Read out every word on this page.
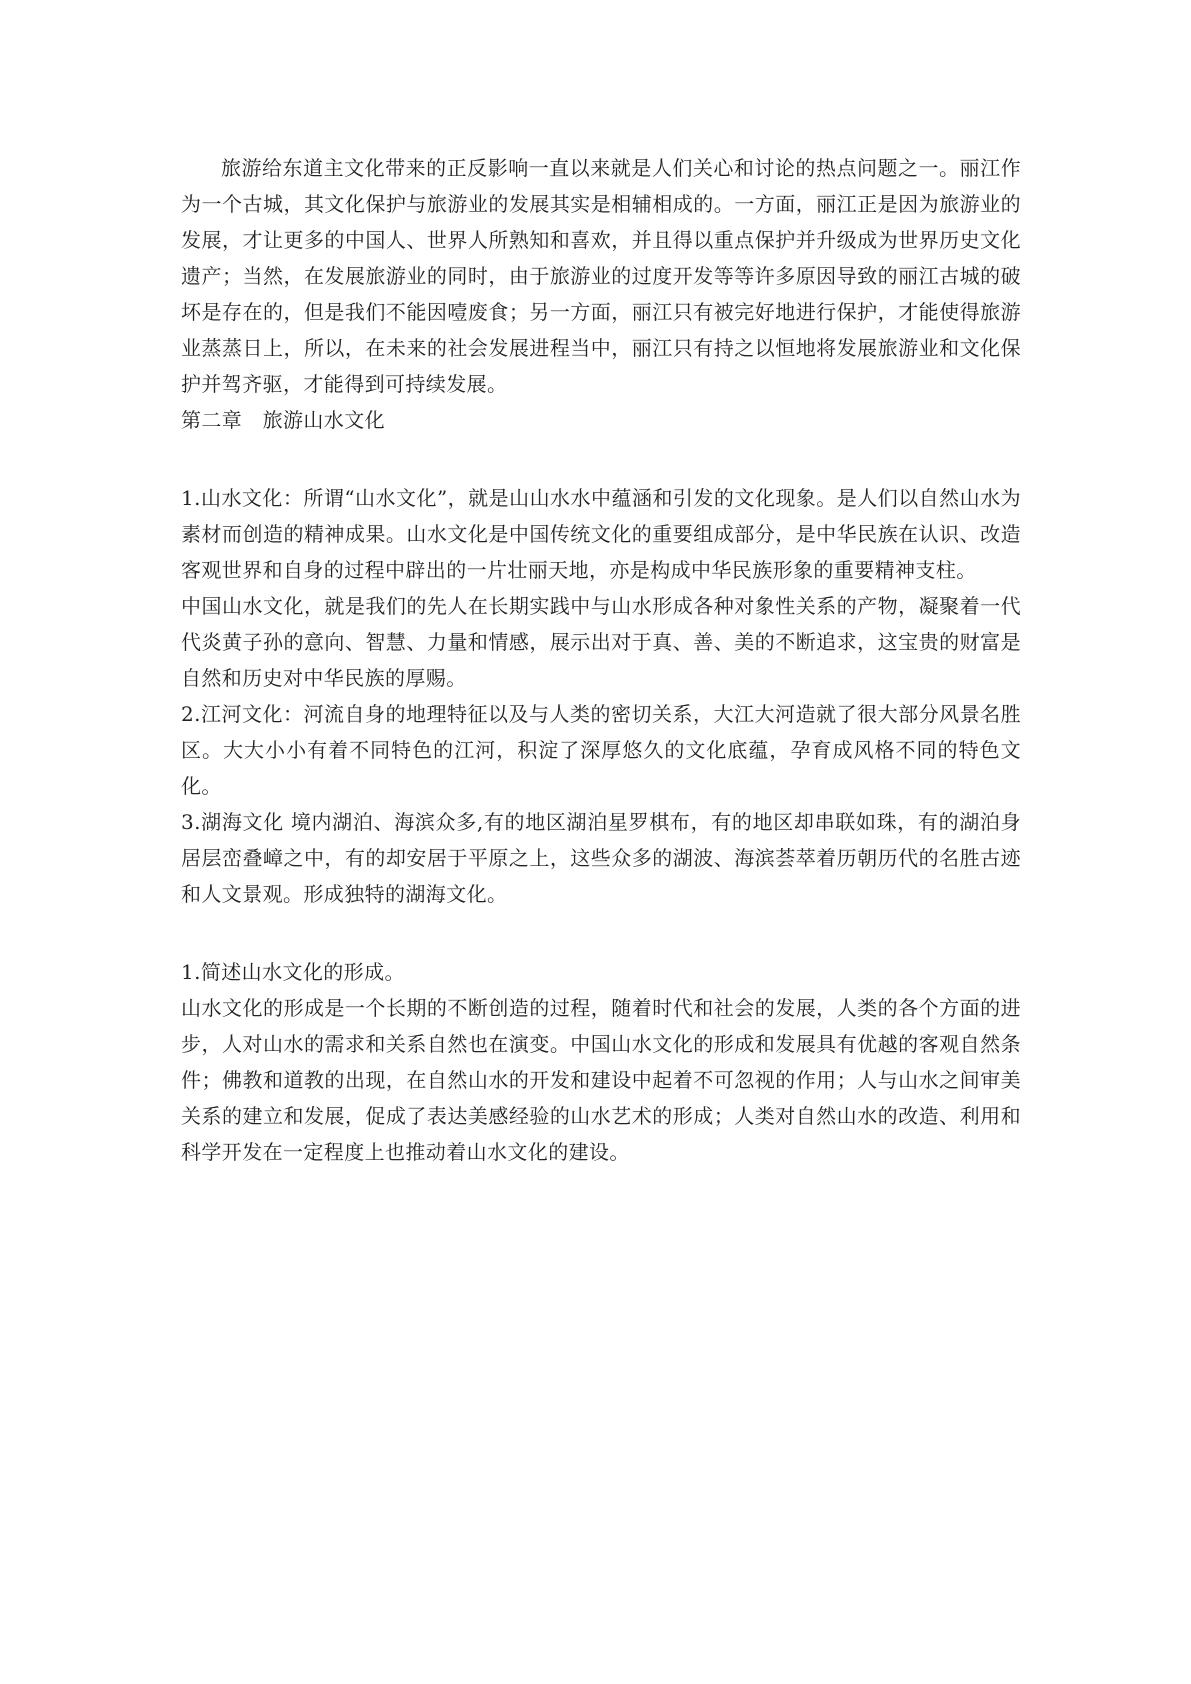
旅游给东道主文化带来的正反影响一直以来就是人们关心和讨论的热点问题之一。丽江作为一个古城，其文化保护与旅游业的发展其实是相辅相成的。一方面，丽江正是因为旅游业的发展，才让更多的中国人、世界人所熟知和喜欢，并且得以重点保护并升级成为世界历史文化遗产；当然，在发展旅游业的同时，由于旅游业的过度开发等等许多原因导致的丽江古城的破坏是存在的，但是我们不能因噎废食；另一方面，丽江只有被完好地进行保护，才能使得旅游业蒸蒸日上，所以，在未来的社会发展进程当中，丽江只有持之以恒地将发展旅游业和文化保护并驾齐驱，才能得到可持续发展。

第二章　旅游山水文化

1.山水文化：所谓“山水文化”，就是山山水水中蕴涵和引发的文化现象。是人们以自然山水为素材而创造的精神成果。山水文化是中国传统文化的重要组成部分，是中华民族在认识、改造客观世界和自身的过程中辟出的一片壮丽天地，亦是构成中华民族形象的重要精神支柱。

中国山水文化，就是我们的先人在长期实践中与山水形成各种对象性关系的产物，凝聚着一代代炎黄子孙的意向、智慧、力量和情感，展示出对于真、善、美的不断追求，这宝贵的财富是自然和历史对中华民族的厚赐。

2.江河文化：河流自身的地理特征以及与人类的密切关系，大江大河造就了很大部分风景名胜区。大大小小有着不同特色的江河，积淀了深厚悠久的文化底蕴，孕育成风格不同的特色文化。

3.湖海文化 境内湖泊、海滨众多,有的地区湖泊星罗棋布，有的地区却串联如珠，有的湖泊身居层峦叠嶂之中，有的却安居于平原之上，这些众多的湖波、海滨荟萃着历朝历代的名胜古迹和人文景观。形成独特的湖海文化。

1.简述山水文化的形成。

山水文化的形成是一个长期的不断创造的过程，随着时代和社会的发展，人类的各个方面的进步，人对山水的需求和关系自然也在演变。中国山水文化的形成和发展具有优越的客观自然条件；佛教和道教的出现，在自然山水的开发和建设中起着不可忽视的作用；人与山水之间审美关系的建立和发展，促成了表达美感经验的山水艺术的形成；人类对自然山水的改造、利用和科学开发在一定程度上也推动着山水文化的建设。
